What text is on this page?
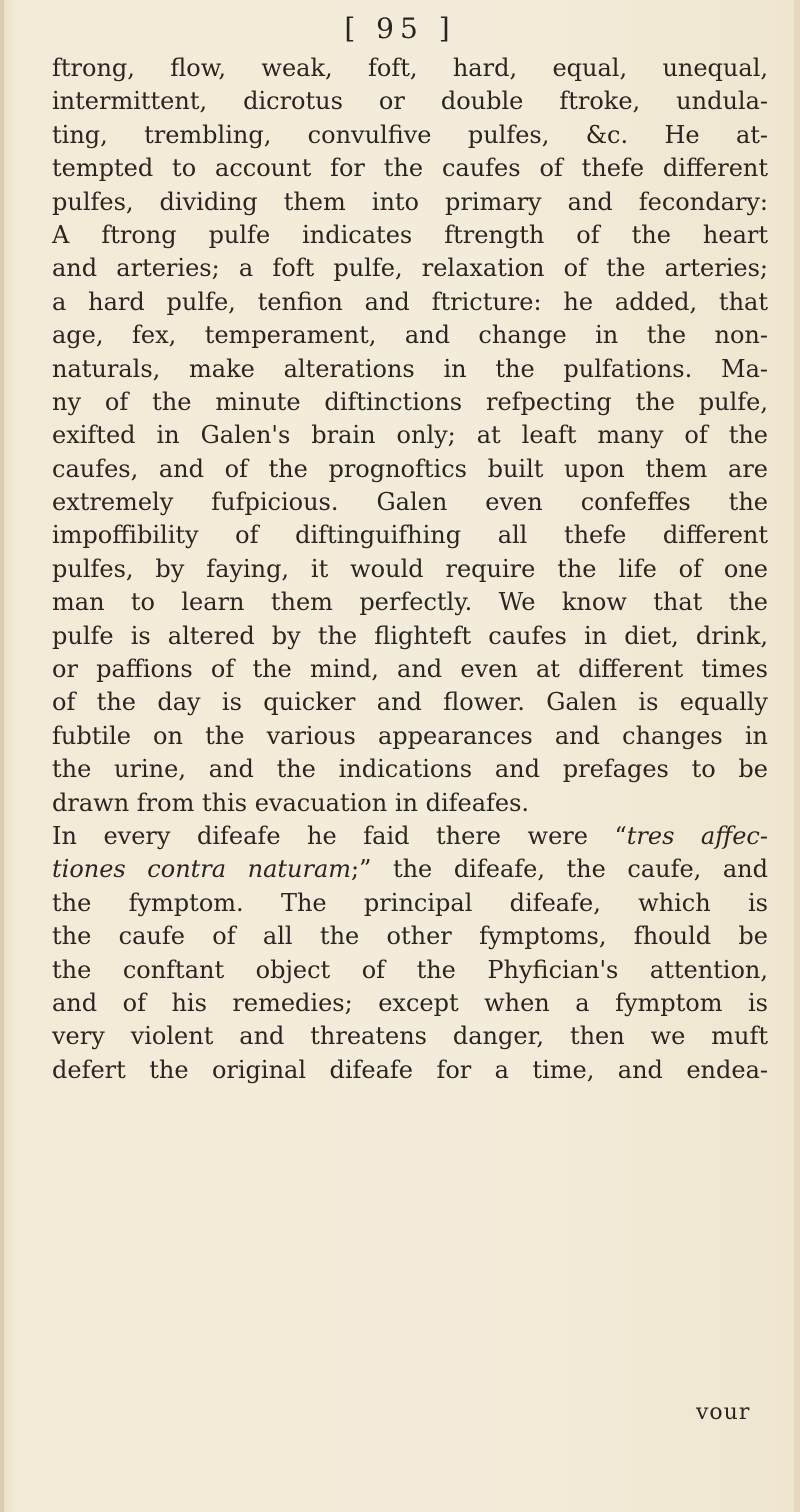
[ 95 ]
ftrong, flow, weak, foft, hard, equal, unequal,
intermittent, dicrotus or double ftroke, undula-
ting, trembling, convulfive pulfes, &c. He at-
tempted to account for the caufes of thefe different
pulfes, dividing them into primary and fecondary:
A ftrong pulfe indicates ftrength of the heart
and arteries; a foft pulfe, relaxation of the arteries;
a hard pulfe, tenfion and ftricture: he added, that
age, fex, temperament, and change in the non-
naturals, make alterations in the pulfations. Ma-
ny of the minute diftinctions refpecting the pulfe,
exifted in Galen's brain only; at leaft many of the
caufes, and of the prognoftics built upon them are
extremely fufpicious. Galen even confeffes the
impoffibility of diftinguifhing all thefe different
pulfes, by faying, it would require the life of one
man to learn them perfectly. We know that the
pulfe is altered by the flighteft caufes in diet, drink,
or paffions of the mind, and even at different times
of the day is quicker and flower. Galen is equally
fubtile on the various appearances and changes in
the urine, and the indications and prefages to be
drawn from this evacuation in difeafes.
In every difeafe he faid there were “tres affec-
tiones contra naturam;” the difeafe, the caufe, and
the fymptom. The principal difeafe, which is
the caufe of all the other fymptoms, fhould be
the conftant object of the Phyfician's attention,
and of his remedies; except when a fymptom is
very violent and threatens danger, then we muft
defert the original difeafe for a time, and endea-
vour
